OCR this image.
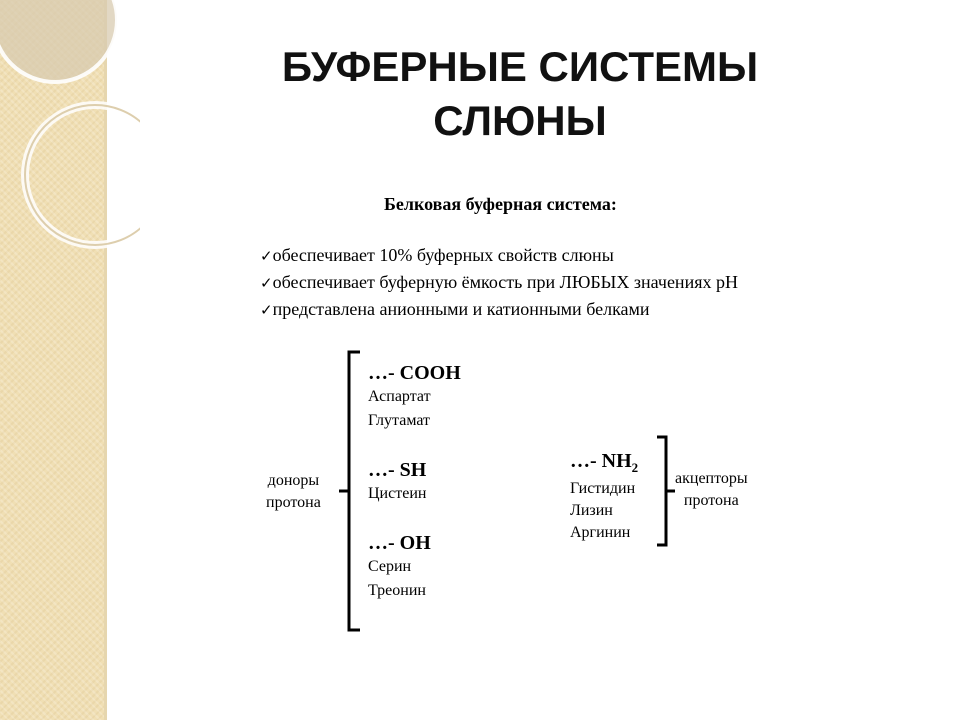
БУФЕРНЫЕ СИСТЕМЫ
СЛЮНЫ
Белковая буферная система:
✓обеспечивает 10% буферных свойств слюны
✓обеспечивает буферную ёмкость при ЛЮБЫХ значениях рН
✓представлена анионными и катионными белками
доноры
протона
…- СООН
Аспартат
Глутамат
…- SH
Цистеин
…- ОН
Серин
Треонин
…- $NH_2$
Гистидин
Лизин
Аргинин
акцепторы
протона
